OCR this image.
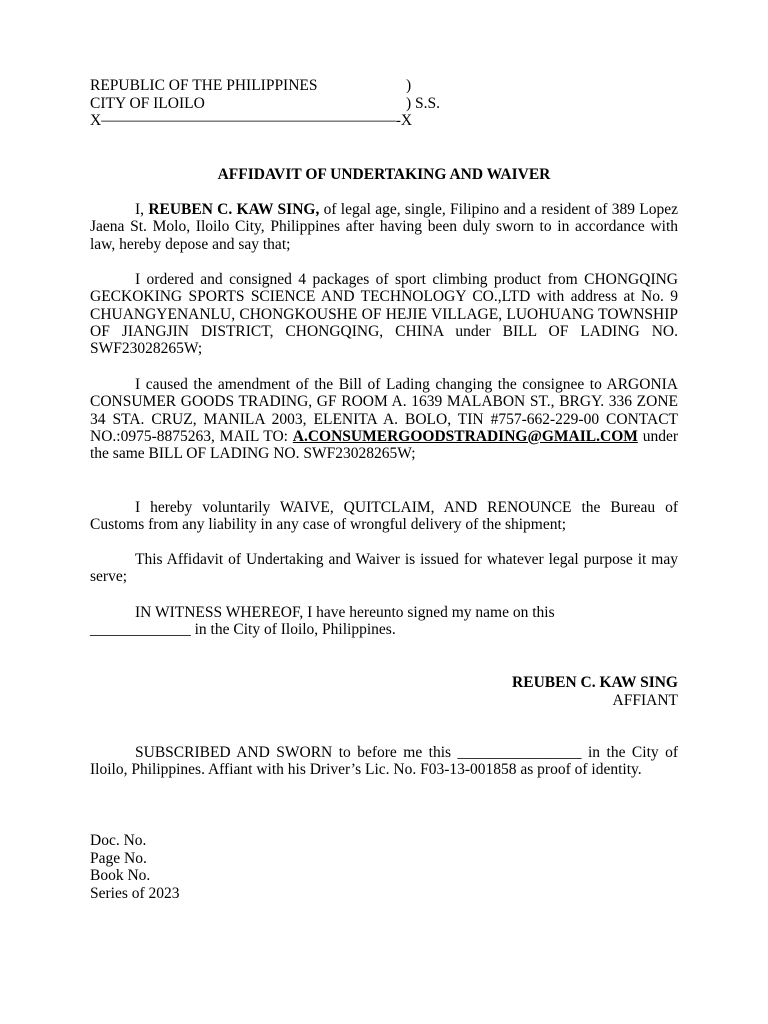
REPUBLIC OF THE PHILIPPINES	)
CITY OF ILOILO	) S.S.
X———————————————————-X
AFFIDAVIT OF UNDERTAKING AND WAIVER

I, REUBEN C. KAW SING, of legal age, single, Filipino and a resident of 389 Lopez Jaena St. Molo, Iloilo City, Philippines after having been duly sworn to in accordance with law, hereby depose and say that;

I ordered and consigned 4 packages of sport climbing product from CHONGQING GECKOKING SPORTS SCIENCE AND TECHNOLOGY CO.,LTD with address at No. 9 CHUANGYENANLU, CHONGKOUSHE OF HEJIE VILLAGE, LUOHUANG TOWNSHIP OF JIANGJIN DISTRICT, CHONGQING, CHINA under BILL OF LADING NO. SWF23028265W;

I caused the amendment of the Bill of Lading changing the consignee to ARGONIA CONSUMER GOODS TRADING, GF ROOM A. 1639 MALABON ST., BRGY. 336 ZONE 34 STA. CRUZ, MANILA 2003, ELENITA A. BOLO, TIN #757-662-229-00 CONTACT NO.:0975-8875263, MAIL TO: A.CONSUMERGOODSTRADING@GMAIL.COM under the same BILL OF LADING NO. SWF23028265W;

I hereby voluntarily WAIVE, QUITCLAIM, AND RENOUNCE the Bureau of Customs from any liability in any case of wrongful delivery of the shipment;

This Affidavit of Undertaking and Waiver is issued for whatever legal purpose it may serve;

IN WITNESS WHEREOF, I have hereunto signed my name on this
_____________ in the City of Iloilo, Philippines.
REUBEN C. KAW SING
AFFIANT

SUBSCRIBED AND SWORN to before me this ________________ in the City of Iloilo, Philippines. Affiant with his Driver’s Lic. No. F03-13-001858 as proof of identity.

Doc. No.
Page No.
Book No.
Series of 2023
